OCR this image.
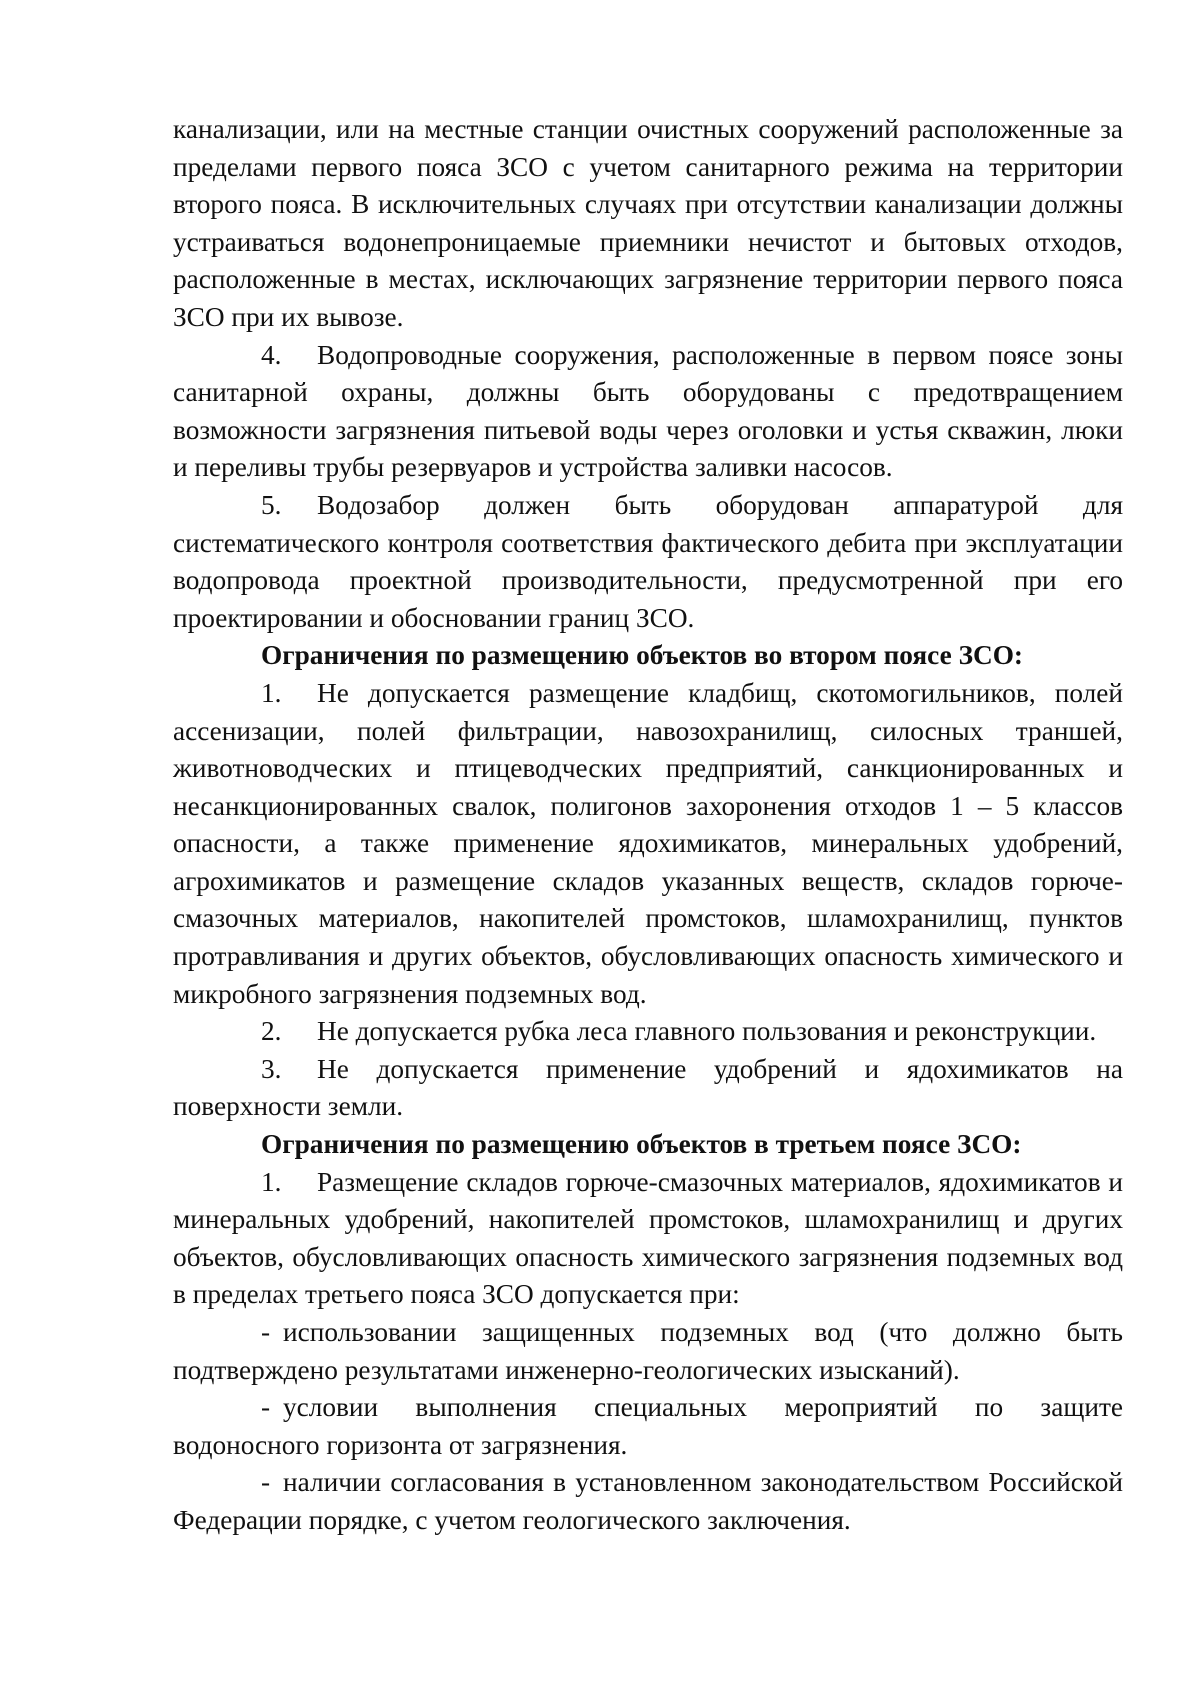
канализации, или на местные станции очистных сооружений расположенные за пределами первого пояса ЗСО с учетом санитарного режима на территории второго пояса. В исключительных случаях при отсутствии канализации должны устраиваться водонепроницаемые приемники нечистот и бытовых отходов, расположенные в местах, исключающих загрязнение территории первого пояса ЗСО при их вывозе.

4. Водопроводные сооружения, расположенные в первом поясе зоны санитарной охраны, должны быть оборудованы с предотвращением возможности загрязнения питьевой воды через оголовки и устья скважин, люки и переливы трубы резервуаров и устройства заливки насосов.

5. Водозабор должен быть оборудован аппаратурой для систематического контроля соответствия фактического дебита при эксплуатации водопровода проектной производительности, предусмотренной при его проектировании и обосновании границ ЗСО.

Ограничения по размещению объектов во втором поясе ЗСО:

1. Не допускается размещение кладбищ, скотомогильников, полей ассенизации, полей фильтрации, навозохранилищ, силосных траншей, животноводческих и птицеводческих предприятий, санкционированных и несанкционированных свалок, полигонов захоронения отходов 1 – 5 классов опасности, а также применение ядохимикатов, минеральных удобрений, агрохимикатов и размещение складов указанных веществ, складов горюче-смазочных материалов, накопителей промстоков, шламохранилищ, пунктов протравливания и других объектов, обусловливающих опасность химического и микробного загрязнения подземных вод.

2. Не допускается рубка леса главного пользования и реконструкции.

3. Не допускается применение удобрений и ядохимикатов на поверхности земли.

Ограничения по размещению объектов в третьем поясе ЗСО:

1. Размещение складов горюче-смазочных материалов, ядохимикатов и минеральных удобрений, накопителей промстоков, шламохранилищ и других объектов, обусловливающих опасность химического загрязнения подземных вод в пределах третьего пояса ЗСО допускается при:

- использовании защищенных подземных вод (что должно быть подтверждено результатами инженерно-геологических изысканий).

- условии выполнения специальных мероприятий по защите водоносного горизонта от загрязнения.

- наличии согласования в установленном законодательством Российской Федерации порядке, с учетом геологического заключения.
